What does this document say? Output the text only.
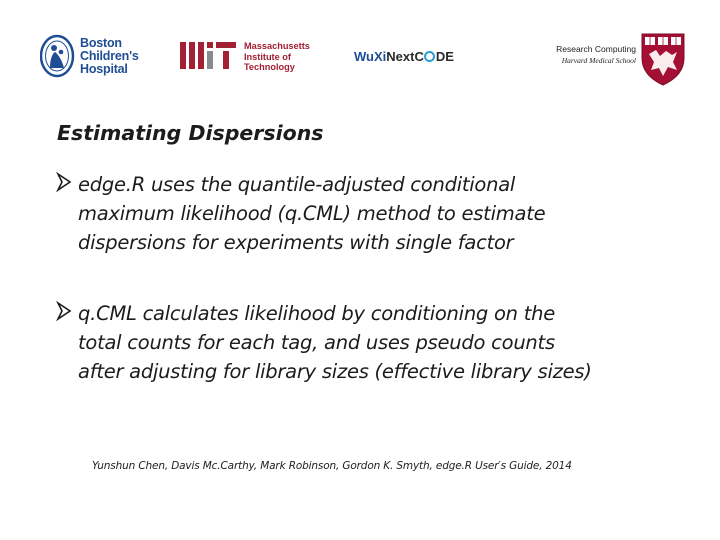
Boston
Children's
Hospital
Massachusetts
Institute of
Technology
WuXiNextC DE	Research Computing
Harvard Medical School
Estimating Dispersions
edge.R uses the quantile-adjusted conditional
maximum likelihood (q.CML) method to estimate
dispersions for experiments with single factor
q.CML calculates likelihood by conditioning on the
total counts for each tag, and uses pseudo counts
after adjusting for library sizes (effective library sizes)
Yunshun Chen, Davis Mc.Carthy, Mark Robinson, Gordon K. Smyth, edge.R User′s Guide, 2014
